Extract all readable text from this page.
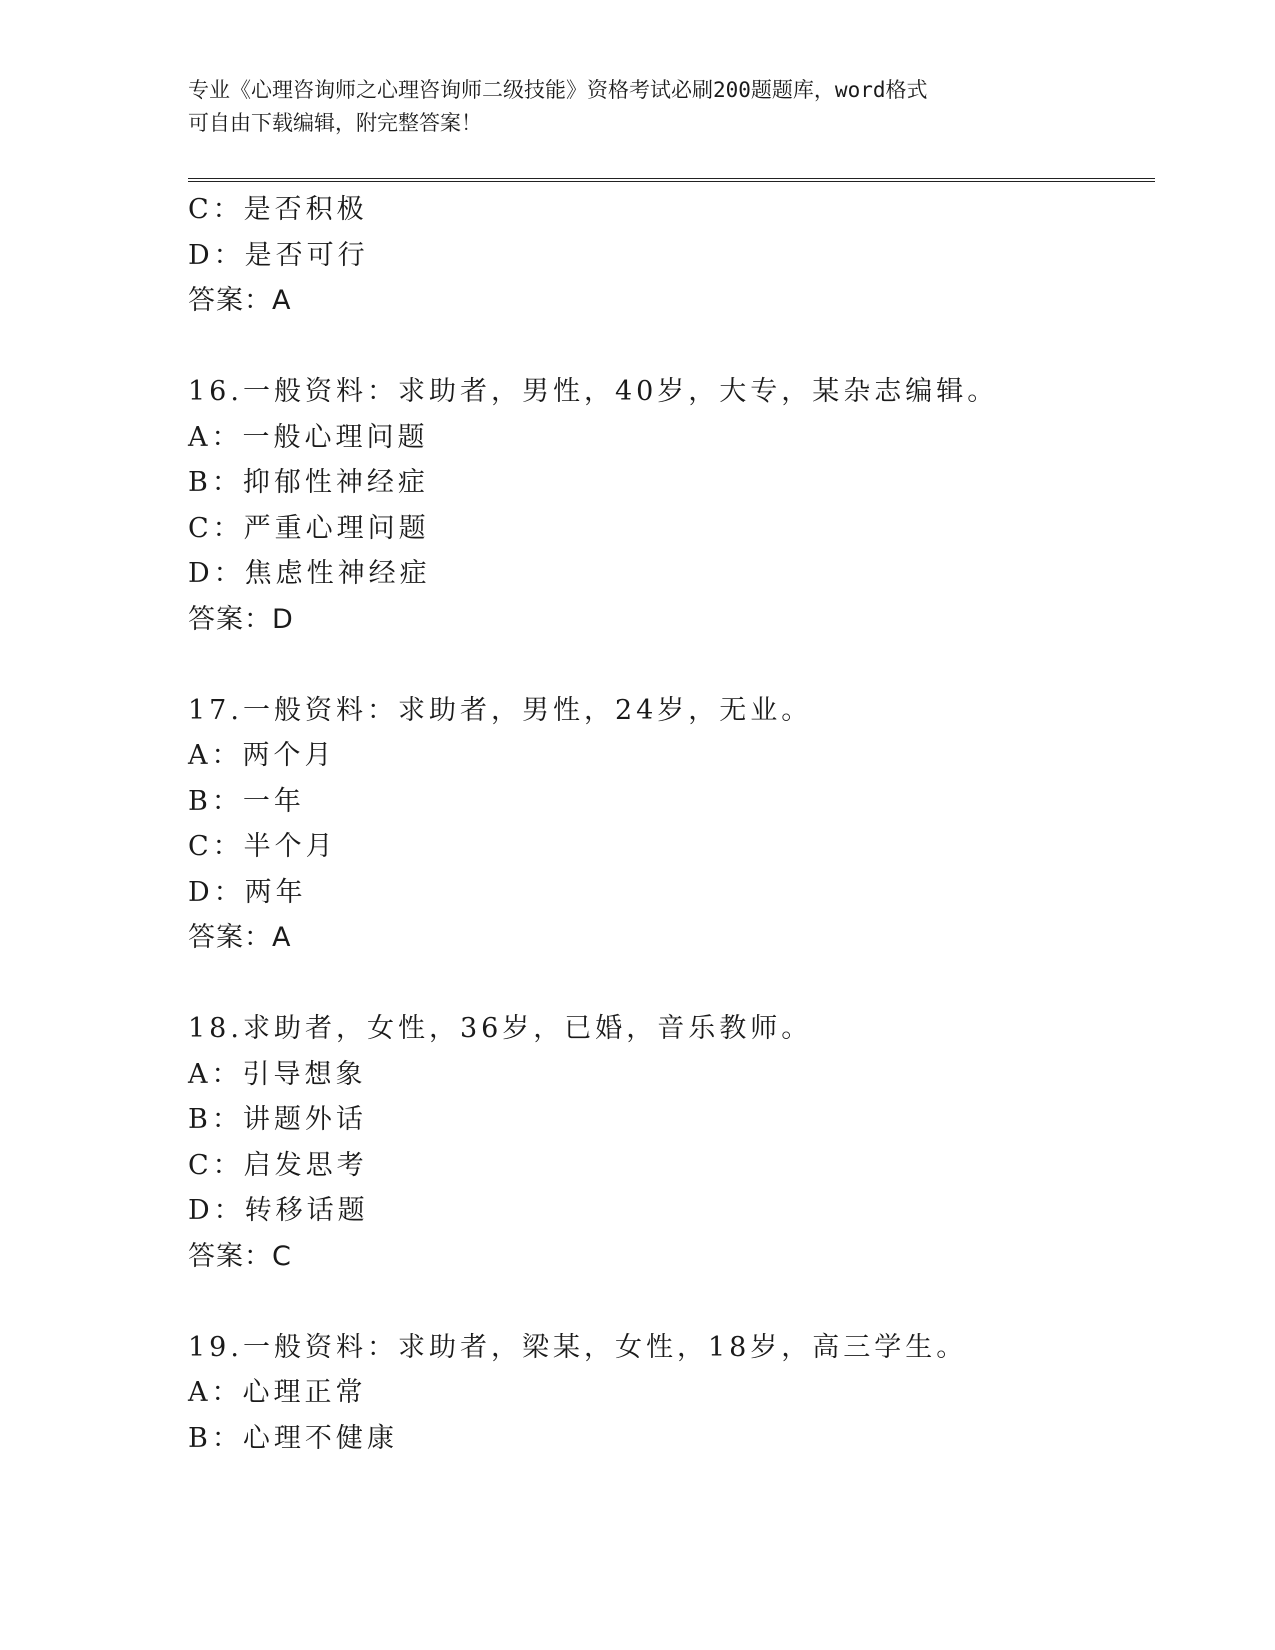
专业《心理咨询师之心理咨询师二级技能》资格考试必刷200题题库，word格式
可自由下载编辑，附完整答案！
C：是否积极
D：是否可行
答案：A
16.一般资料：求助者，男性，40岁，大专，某杂志编辑。
A：一般心理问题
B：抑郁性神经症
C：严重心理问题
D：焦虑性神经症
答案：D
17.一般资料：求助者，男性，24岁，无业。
A：两个月
B：一年
C：半个月
D：两年
答案：A
18.求助者，女性，36岁，已婚，音乐教师。
A：引导想象
B：讲题外话
C：启发思考
D：转移话题
答案：C
19.一般资料：求助者，梁某，女性，18岁，高三学生。
A：心理正常
B：心理不健康
